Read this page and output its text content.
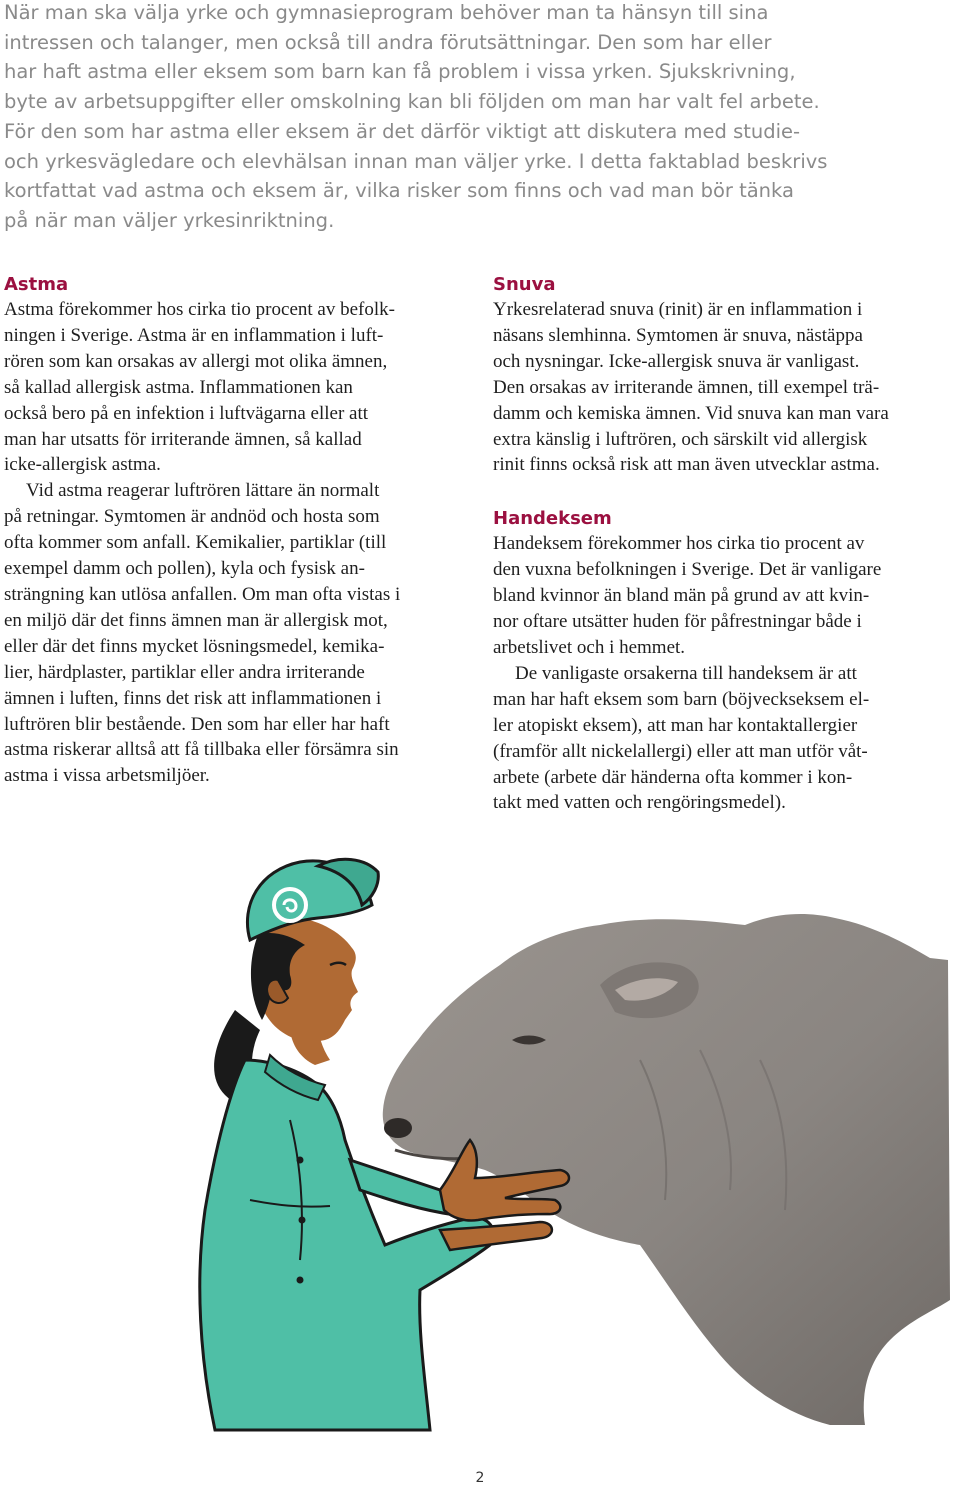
När man ska välja yrke och gymnasieprogram behöver man ta hänsyn till sina
intressen och talanger, men också till andra förutsättningar. Den som har eller
har haft astma eller eksem som barn kan få problem i vissa yrken. Sjukskrivning,
byte av arbetsuppgifter eller omskolning kan bli följden om man har valt fel arbete.
För den som har astma eller eksem är det därför viktigt att diskutera med studie-
och yrkesvägledare och elevhälsan innan man väljer yrke. I detta faktablad beskrivs
kortfattat vad astma och eksem är, vilka risker som finns och vad man bör tänka
på när man väljer yrkesinriktning.
Astma

Astma förekommer hos cirka tio procent av befolk-
ningen i Sverige. Astma är en inflammation i luft-
rören som kan orsakas av allergi mot olika ämnen,
så kallad allergisk astma. Inflammationen kan
också bero på en infektion i luftvägarna eller att
man har utsatts för irriterande ämnen, så kallad
icke-allergisk astma.

Vid astma reagerar luftrören lättare än normalt
på retningar. Symtomen är andnöd och hosta som
ofta kommer som anfall. Kemikalier, partiklar (till
exempel damm och pollen), kyla och fysisk an-
strängning kan utlösa anfallen. Om man ofta vistas i
en miljö där det finns ämnen man är allergisk mot,
eller där det finns mycket lösningsmedel, kemika-
lier, härdplaster, partiklar eller andra irriterande
ämnen i luften, finns det risk att inflammationen i
luftrören blir bestående. Den som har eller har haft
astma riskerar alltså att få tillbaka eller försämra sin
astma i vissa arbetsmiljöer.

Snuva

Yrkesrelaterad snuva (rinit) är en inflammation i
näsans slemhinna. Symtomen är snuva, nästäppa
och nysningar. Icke-allergisk snuva är vanligast.
Den orsakas av irriterande ämnen, till exempel trä-
damm och kemiska ämnen. Vid snuva kan man vara
extra känslig i luftrören, och särskilt vid allergisk
rinit finns också risk att man även utvecklar astma.

Handeksem

Handeksem förekommer hos cirka tio procent av
den vuxna befolkningen i Sverige. Det är vanligare
bland kvinnor än bland män på grund av att kvin-
nor oftare utsätter huden för påfrestningar både i
arbetslivet och i hemmet.

De vanligaste orsakerna till handeksem är att
man har haft eksem som barn (böjveckseksem el-
ler atopiskt eksem), att man har kontaktallergier
(framför allt nickelallergi) eller att man utför våt-
arbete (arbete där händerna ofta kommer i kon-
takt med vatten och rengöringsmedel).

2
